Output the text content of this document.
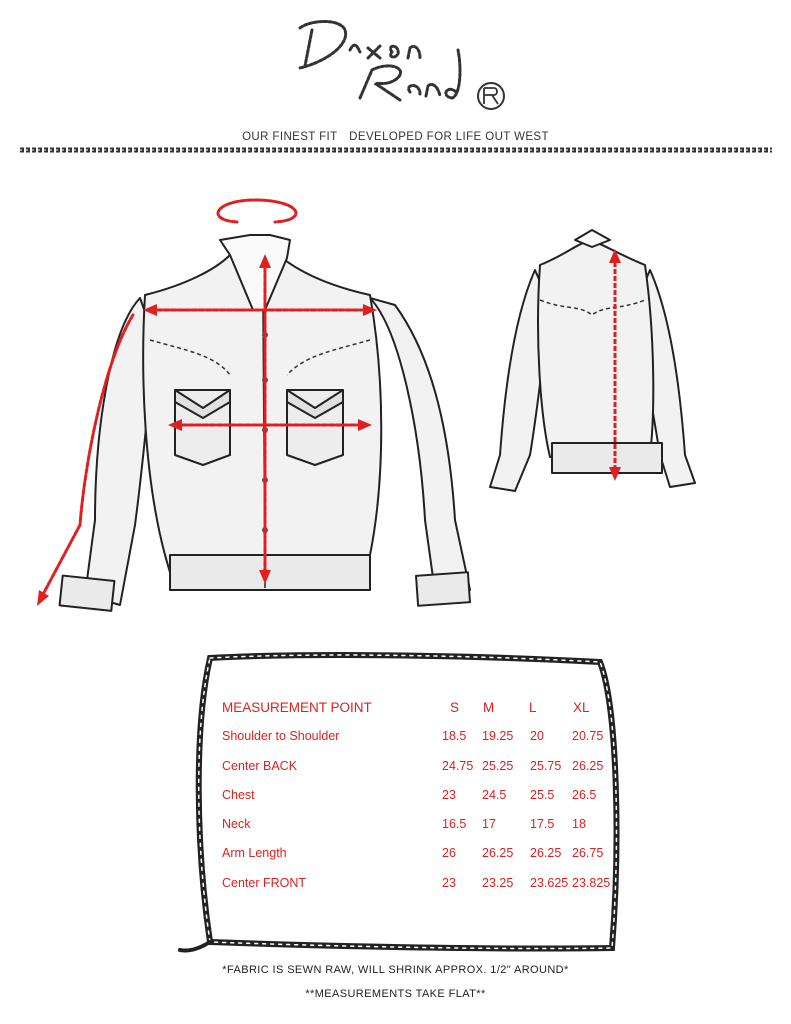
OUR FINEST FIT DEVELOPED FOR LIFE OUT WEST
MEASUREMENT POINT	S M	L	XL
Shoulder to Shoulder	18.5 19.25 20 20.75
Center BACK	24.75 25.25 25.75 26.25
Chest	23 24.5 25.5 26.5
Neck	16.5 17	17.5 18
Arm Length	26 26.25 26.25 26.75
Center FRONT	23 23.25 23.625 23.825
*FABRIC IS SEWN RAW, WILL SHRINK APPROX. 1/2" AROUND*
**MEASUREMENTS TAKE FLAT**
